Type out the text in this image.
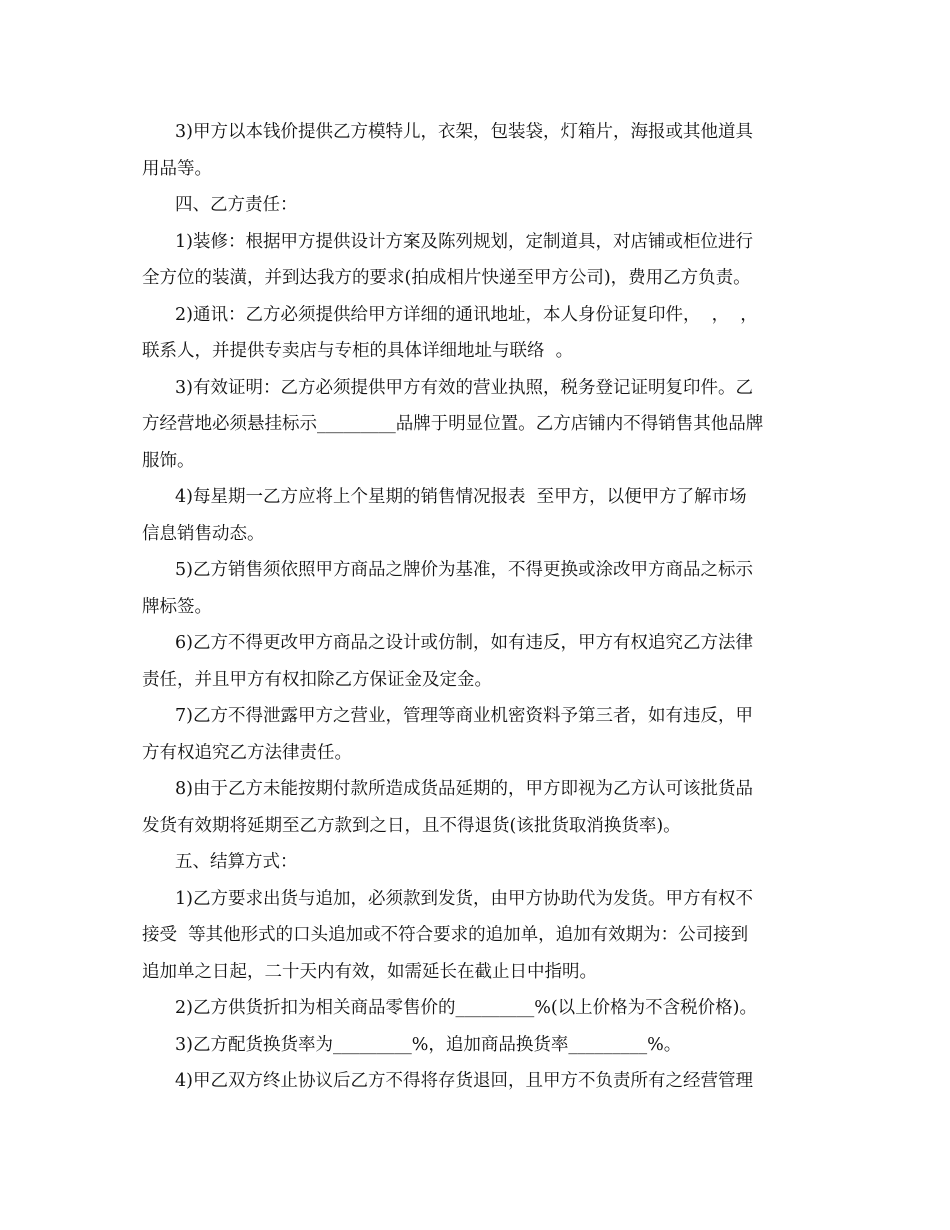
3)甲方以本钱价提供乙方模特儿，衣架，包装袋，灯箱片，海报或其他道具
用品等。
四、乙方责任：
1)装修：根据甲方提供设计方案及陈列规划，定制道具，对店铺或柜位进行
全方位的装潢，并到达我方的要求(拍成相片快递至甲方公司)，费用乙方负责。
2)通讯：乙方必须提供给甲方详细的通讯地址，本人身份证复印件，  ，  ，
联系人，并提供专卖店与专柜的具体详细地址与联络  。
3)有效证明：乙方必须提供甲方有效的营业执照，税务登记证明复印件。乙
方经营地必须悬挂标示_________品牌于明显位置。乙方店铺内不得销售其他品牌
服饰。
4)每星期一乙方应将上个星期的销售情况报表  至甲方，以便甲方了解市场
信息销售动态。
5)乙方销售须依照甲方商品之牌价为基准，不得更换或涂改甲方商品之标示
牌标签。
6)乙方不得更改甲方商品之设计或仿制，如有违反，甲方有权追究乙方法律
责任，并且甲方有权扣除乙方保证金及定金。
7)乙方不得泄露甲方之营业，管理等商业机密资料予第三者，如有违反，甲
方有权追究乙方法律责任。
8)由于乙方未能按期付款所造成货品延期的，甲方即视为乙方认可该批货品
发货有效期将延期至乙方款到之日，且不得退货(该批货取消换货率)。
五、结算方式：
1)乙方要求出货与追加，必须款到发货，由甲方协助代为发货。甲方有权不
接受  等其他形式的口头追加或不符合要求的追加单，追加有效期为：公司接到
追加单之日起，二十天内有效，如需延长在截止日中指明。
2)乙方供货折扣为相关商品零售价的_________%(以上价格为不含税价格)。
3)乙方配货换货率为_________%，追加商品换货率_________%。
4)甲乙双方终止协议后乙方不得将存货退回，且甲方不负责所有之经营管理
